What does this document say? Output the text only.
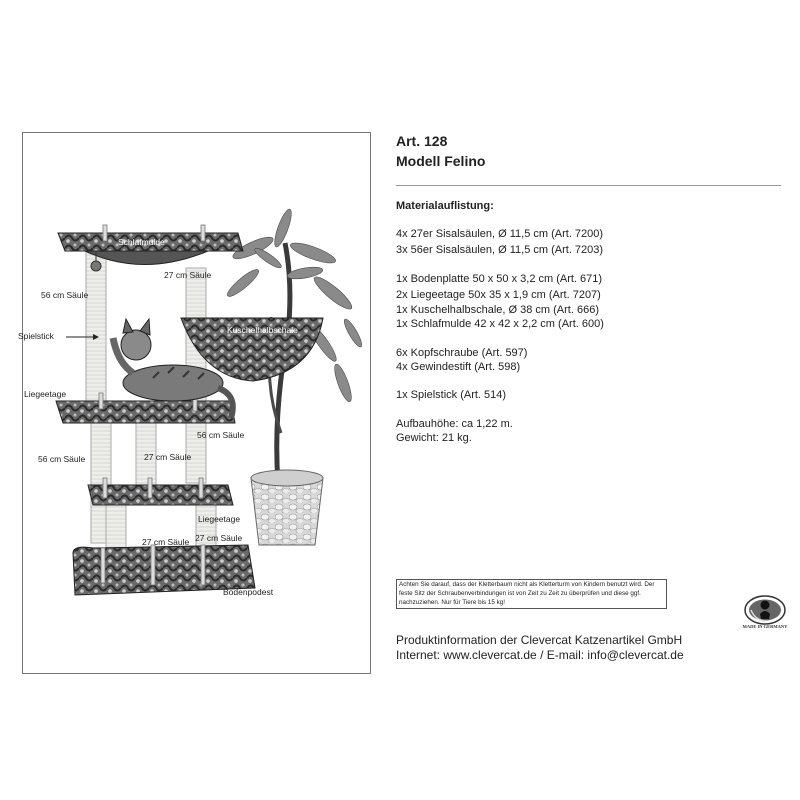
Schlafmulde
27 cm Säule
56 cm Säule
Spielstick
Kuschelhalbschale
Liegeetage
56 cm Säule
56 cm Säule	27 cm Säule
Liegeetage
27 cm Säule 27 cm Säule
Bodenpodest
Art. 128
Modell Felino
Materialauflistung:
4x 27er Sisalsäulen, Ø 11,5 cm (Art. 7200)
3x 56er Sisalsäulen, Ø 11,5 cm (Art. 7203)
1x Bodenplatte 50 x 50 x 3,2 cm (Art. 671)
2x Liegeetage 50x 35 x 1,9 cm (Art. 7207)
1x Kuschelhalbschale, Ø 38 cm (Art. 666)
1x Schlafmulde 42 x 42 x 2,2 cm (Art. 600)
6x Kopfschraube (Art. 597)
4x Gewindestift (Art. 598)
1x Spielstick (Art. 514)
Aufbauhöhe: ca 1,22 m.
Gewicht: 21 kg.
Achten Sie darauf, dass der Kletterbaum nicht als Kletterturm von Kindern benutzt wird. Der feste Sitz der Schraubenverbindungen ist von Zeit zu Zeit zu überprüfen und diese ggf. nachzuziehen. Nur für Tiere bis 15 kg!
MADE IN GERMANY
Produktinformation der Clevercat Katzenartikel GmbH
Internet: www.clevercat.de / E-mail: info@clevercat.de
